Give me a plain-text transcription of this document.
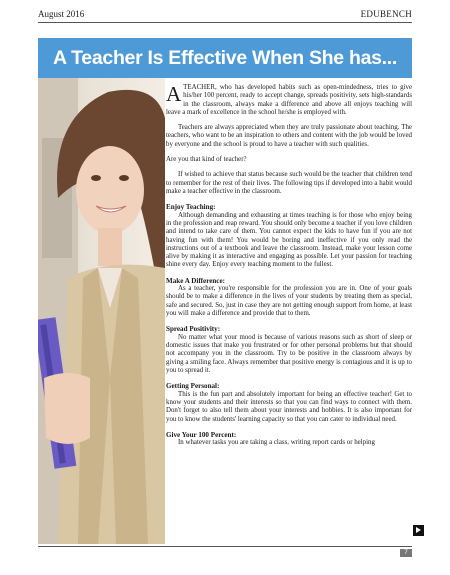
August 2016	EDUBENCH
A Teacher Is Effective When She has...

ATEACHER, who has developed habits such as open-mindedness, tries to give his/her 100 percent, ready to accept change, spreads positivity, sets high-standards in the classroom, always make a difference and above all enjoys teaching will leave a mark of excellence in the school he/she is employed with.

Teachers are always appreciated when they are truly passionate about teaching. The teachers, who want to be an inspiration to others and content with the job would be loved by everyone and the school is proud to have a teacher with such qualities.

Are you that kind of teacher?

If wished to achieve that status because such would be the teacher that children tend to remember for the rest of their lives. The following tips if developed into a habit would make a teacher effective in the classroom.

Enjoy Teaching:

Although demanding and exhausting at times teaching is for those who enjoy being in the profession and reap reward. You should only become a teacher if you love children and intend to take care of them. You cannot expect the kids to have fun if you are not having fun with them! You would be boring and ineffective if you only read the instructions out of a textbook and leave the classroom. Instead, make your lesson come alive by making it as interactive and engaging as possible. Let your passion for teaching shine every day. Enjoy every teaching moment to the fullest.

Make A Difference:

As a teacher, you're responsible for the profession you are in. One of your goals should be to make a difference in the lives of your students by treating them as special, safe and secured. So, just in case they are not getting enough support from home, at least you will make a difference and provide that to them.

Spread Positivity:

No matter what your mood is because of various reasons such as short of sleep or domestic issues that make you frustrated or for other personal problems but that should not accompany you in the classroom. Try to be positive in the classroom always by giving a smiling face. Always remember that positive energy is contagious and it is up to you to spread it.

Getting Personal:

This is the fun part and absolutely important for being an effective teacher! Get to know your students and their interests so that you can find ways to connect with them. Don't forget to also tell them about your interests and hobbies. It is also important for you to know the students' learning capacity so that you can cater to individual need.

Give Your 100 Percent:

In whatever tasks you are taking a class, writing report cards or helping

7
